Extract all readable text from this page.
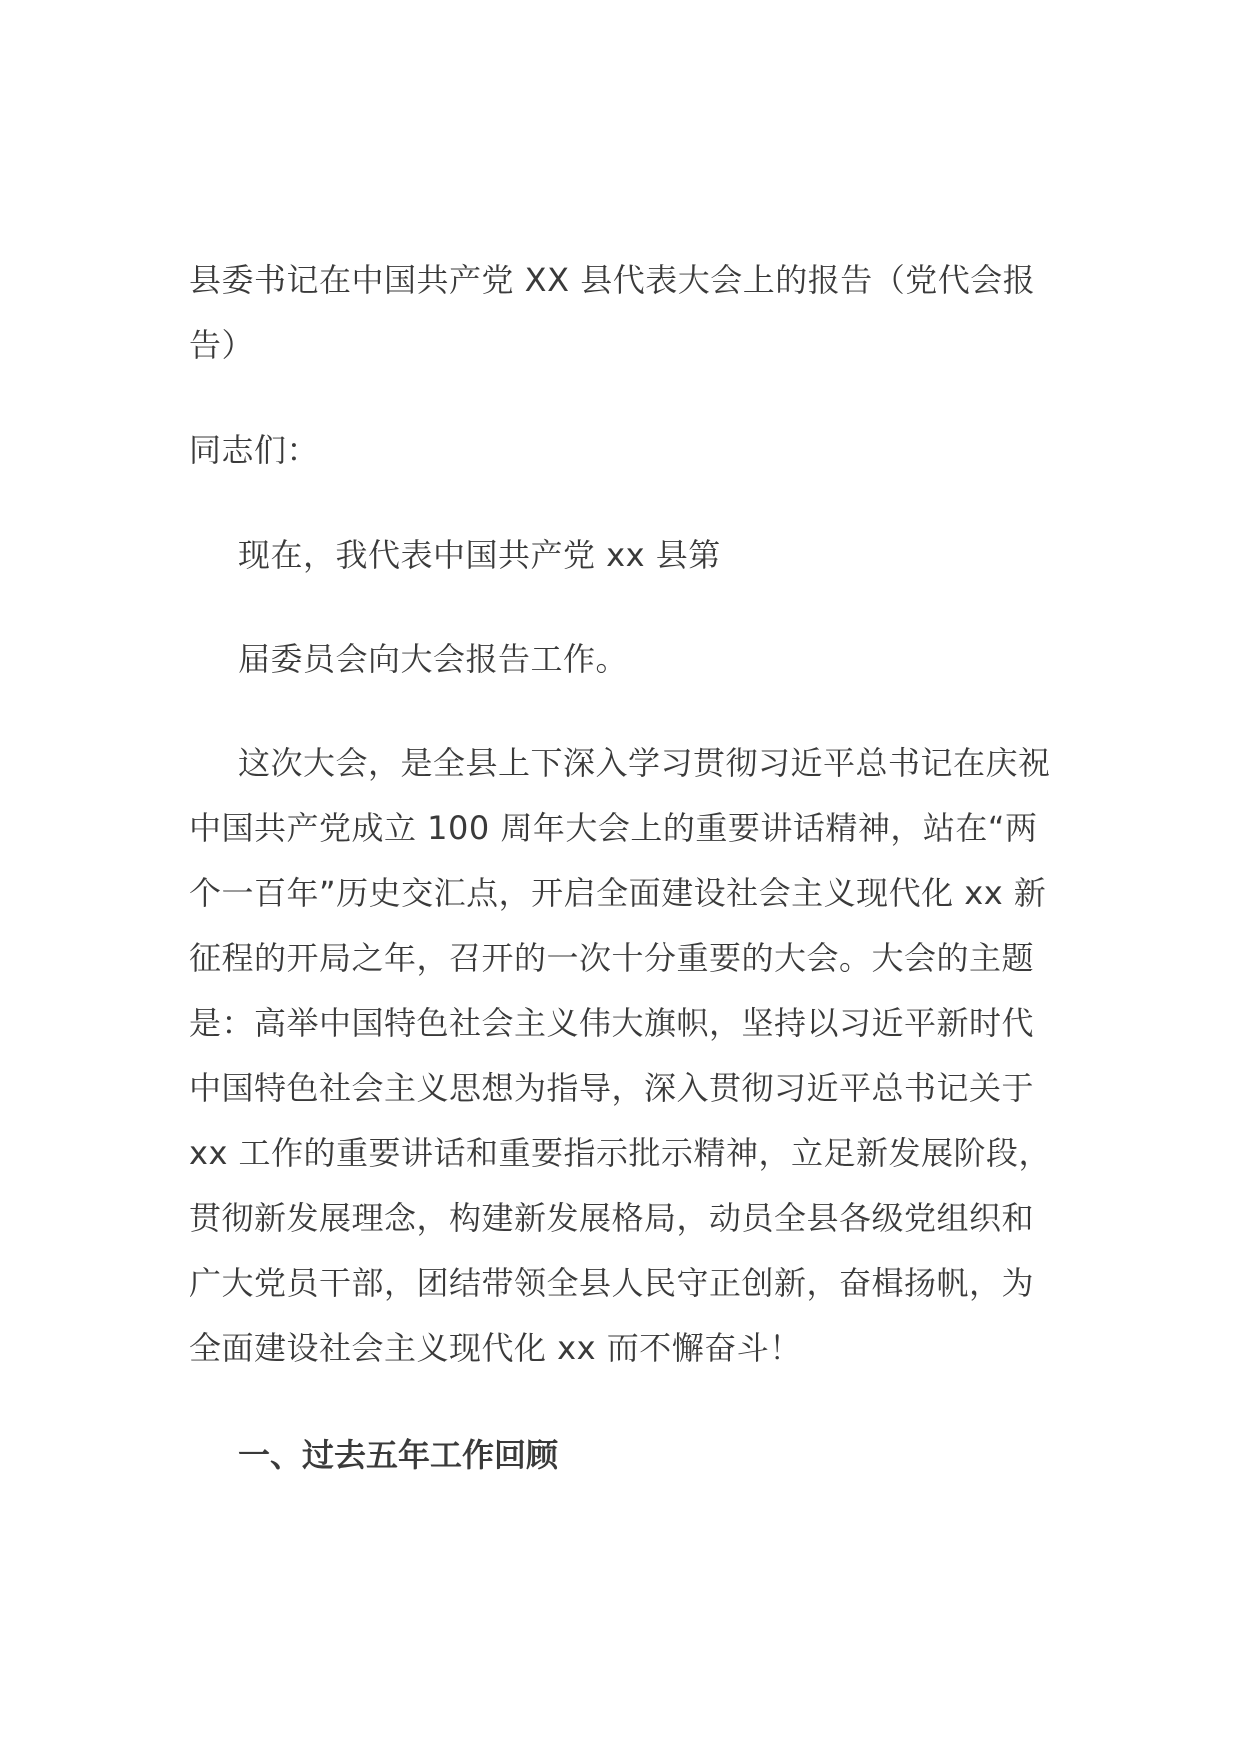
县委书记在中国共产党 XX 县代表大会上的报告（党代会报告）

同志们：

现在，我代表中国共产党 xx 县第

届委员会向大会报告工作。

这次大会，是全县上下深入学习贯彻习近平总书记在庆祝中国共产党成立 100 周年大会上的重要讲话精神，站在“两个一百年”历史交汇点，开启全面建设社会主义现代化 xx 新征程的开局之年，召开的一次十分重要的大会。大会的主题是：高举中国特色社会主义伟大旗帜，坚持以习近平新时代中国特色社会主义思想为指导，深入贯彻习近平总书记关于 xx 工作的重要讲话和重要指示批示精神，立足新发展阶段，贯彻新发展理念，构建新发展格局，动员全县各级党组织和广大党员干部，团结带领全县人民守正创新，奋楫扬帆，为全面建设社会主义现代化 xx 而不懈奋斗！

一、过去五年工作回顾
